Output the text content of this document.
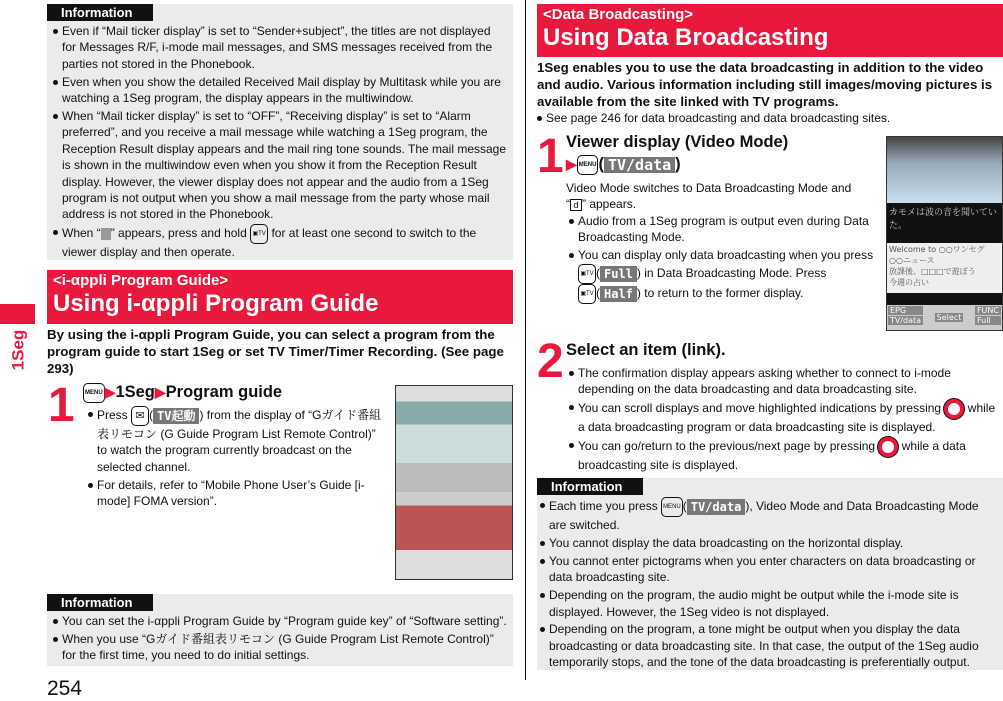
1Seg
Information
Even if “Mail ticker display” is set to “Sender+subject”, the titles are not displayed for Messages R/F, i-mode mail messages, and SMS messages received from the parties not stored in the Phonebook.
Even when you show the detailed Received Mail display by Multitask while you are watching a 1Seg program, the display appears in the multiwindow.
When “Mail ticker display” is set to “OFF”, “Receiving display” is set to “Alarm preferred”, and you receive a mail message while watching a 1Seg program, the Reception Result display appears and the mail ring tone sounds. The mail message is shown in the multiwindow even when you show it from the Reception Result display. However, the viewer display does not appear and the audio from a 1Seg program is not output when you show a mail message from the party whose mail address is not stored in the Phonebook.
When “ ” appears, press and hold ▣TV for at least one second to switch to the viewer display and then operate.
<i-αppli Program Guide>
Using i-αppli Program Guide
By using the i-αppli Program Guide, you can select a program from the program guide to start 1Seg or set TV Timer/Timer Recording. (See page 293)
1	MENU ▶1Seg▶Program guide
Press ✉ ( TV起動 ) from the display of “Gガイド番組表リモコン (G Guide Program List Remote Control)” to watch the program currently broadcast on the selected channel.
For details, refer to “Mobile Phone User’s Guide [i-mode] FOMA version”.
Information
You can set the i-αppli Program Guide by “Program guide key” of “Software setting”.
When you use “Gガイド番組表リモコン (G Guide Program List Remote Control)” for the first time, you need to do initial settings.
254
<Data Broadcasting>
Using Data Broadcasting
1Seg enables you to use the data broadcasting in addition to the video and audio. Various information including still images/moving pictures is available from the site linked with TV programs.
See page 246 for data broadcasting and data broadcasting sites.
1 Viewer display (Video Mode)
▶ MENU ( TV/data )
Video Mode switches to Data Broadcasting Mode and
“ d ” appears.
Audio from a 1Seg program is output even during Data Broadcasting Mode.
You can display only data broadcasting when you press
▣TV ( Full ) in Data Broadcasting Mode. Press
▣TV ( Half ) to return to the former display.
カモメは波の音を聞いていた。
Welcome to ○○ワンセグ
○○ニュース
放課後、□□□で遊ぼう
今週の占い
EPG
TV/data Select
FUNC
Full
2 Select an item (link).
The confirmation display appears asking whether to connect to i-mode depending on the data broadcasting and data broadcasting site.
You can scroll displays and move highlighted indications by pressing  while a data broadcasting program or data broadcasting site is displayed.
You can go/return to the previous/next page by pressing  while a data broadcasting site is displayed.
Information
Each time you press MENU ( TV/data ), Video Mode and Data Broadcasting Mode are switched.
You cannot display the data broadcasting on the horizontal display.
You cannot enter pictograms when you enter characters on data broadcasting or data broadcasting site.
Depending on the program, the audio might be output while the i-mode site is displayed. However, the 1Seg video is not displayed.
Depending on the program, a tone might be output when you display the data broadcasting or data broadcasting site. In that case, the output of the 1Seg audio temporarily stops, and the tone of the data broadcasting is preferentially output.
